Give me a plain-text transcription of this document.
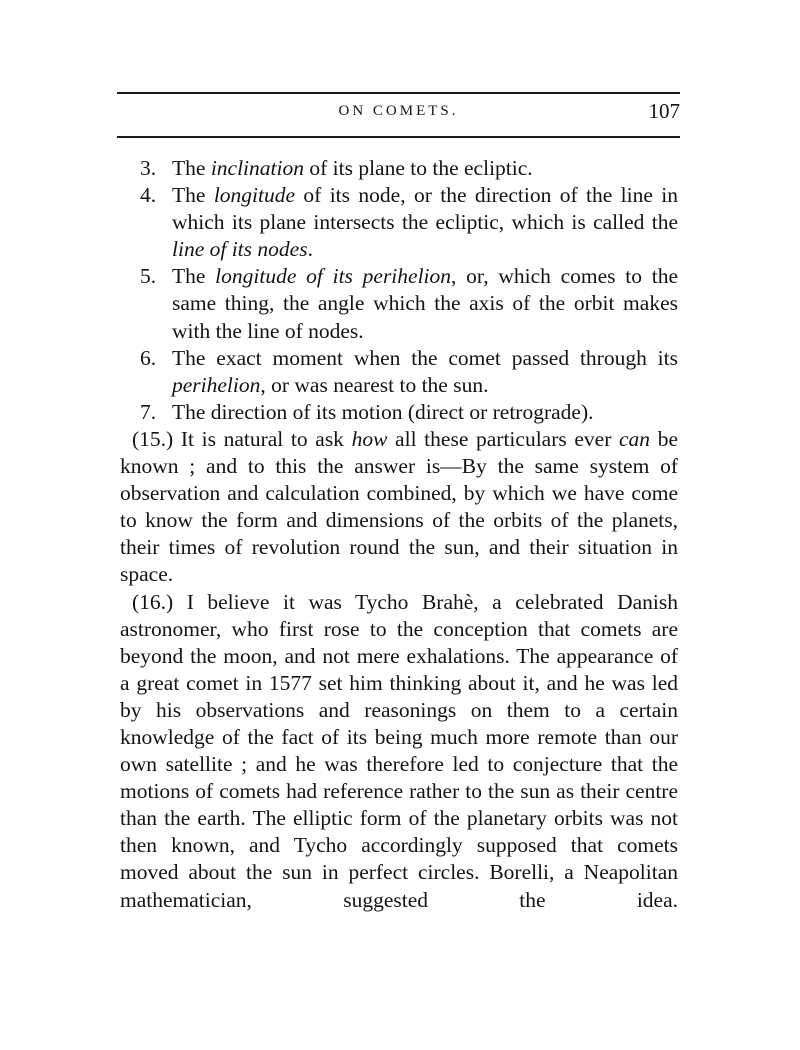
ON COMETS.	107
3. The inclination of its plane to the ecliptic.
4. The longitude of its node, or the direction of the line in which its plane intersects the ecliptic, which is called the line of its nodes.
5. The longitude of its perihelion, or, which comes to the same thing, the angle which the axis of the orbit makes with the line of nodes.
6. The exact moment when the comet passed through its perihelion, or was nearest to the sun.
7. The direction of its motion (direct or retrograde).
(15.) It is natural to ask how all these particulars ever can be known ; and to this the answer is—By the same system of observation and calculation combined, by which we have come to know the form and dimensions of the orbits of the planets, their times of revolution round the sun, and their situation in space.
(16.) I believe it was Tycho Brahè, a celebrated Danish astronomer, who first rose to the conception that comets are beyond the moon, and not mere exhalations. The appearance of a great comet in 1577 set him thinking about it, and he was led by his observations and reasonings on them to a certain knowledge of the fact of its being much more remote than our own satellite ; and he was therefore led to conjecture that the motions of comets had reference rather to the sun as their centre than the earth. The elliptic form of the planetary orbits was not then known, and Tycho accordingly supposed that comets moved about the sun in perfect circles. Borelli, a Neapolitan mathematician, suggested the idea.
